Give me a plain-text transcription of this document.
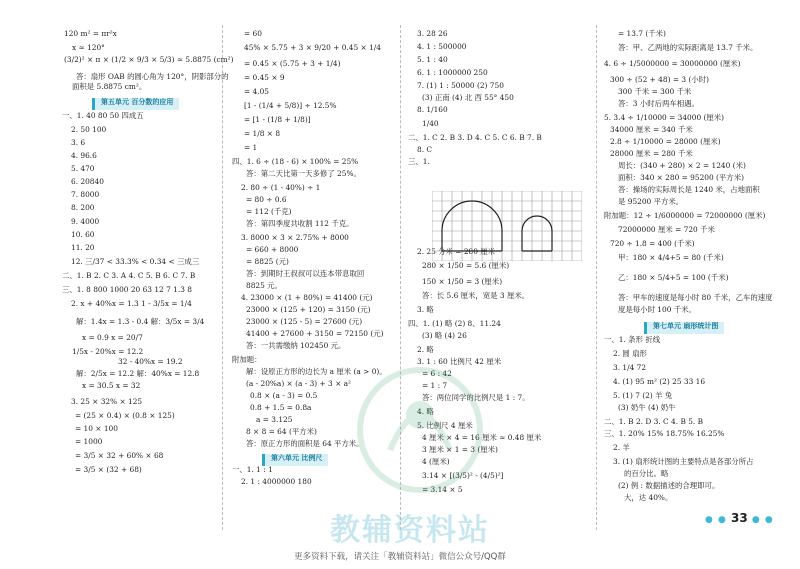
120 m² = πr²x
x ≈ 120°
(3/2)² × π × (1/2 × 9/3 × 5/3) ≈ 5.8875 (cm²)
答：扇形 OAB 的圆心角为 120°，阴影部分的
面积是 5.8875 cm²。
第五单元 百分数的应用
一、1. 40 80 50 四成五
2. 50 100
3. 6
4. 96.6
5. 470
6. 20840
7. 8000
8. 200
9. 4000
10. 60
11. 20
12. 三/37 < 33.3% < 0.34 < 三成三
二、1. B 2. C 3. A 4. C 5. B 6. C 7. B
三、1. 8 800 1000 20 63 12 7 1.3 8
2. x + 40%x = 1.3 1 - 3/5x = 1/4
解：1.4x = 1.3 - 0.4 解：3/5x = 3/4
x = 0.9 x = 20/7
1/5x - 20%x = 12.2
32 - 40%x = 19.2
解：2/5x = 12.2 解：40%x = 12.8
x = 30.5 x = 32
3. 25 × 32% × 125
= (25 × 0.4) × (0.8 × 125)
= 10 × 100
= 1000
= 3/5 × 32 + 60% × 68
= 3/5 × (32 + 68)
= 60
45% × 5.75 + 3 × 9/20 + 0.45 × 1/4
= 0.45 × (5.75 + 3 + 1/4)
= 0.45 × 9
= 4.05
[1 - (1/4 + 5/8)] ÷ 12.5%
= [1 - (1/8 + 1/8)]
= 1/8 × 8
= 1
四、1. 6 ÷ (18 - 6) × 100% = 25%
答：第二天比第一天多修了 25%。
2. 80 ÷ (1 - 40%) ÷ 1
= 80 ÷ 0.6
= 112 (千克)
答：第四季度共收割 112 千克。
3. 8000 × 3 × 2.75% + 8000
= 660 + 8000
= 8825 (元)
答：到期时王叔叔可以连本带息取回
8825 元。
4. 23000 × (1 + 80%) = 41400 (元)
23000 × (125 + 120) = 3150 (元)
23000 × (125 - 5) = 27600 (元)
41400 + 27600 + 3150 = 72150 (元)
答：一共需缴纳 102450 元。
附加题：
解：设原正方形的边长为 a 厘米 (a > 0)。
(a - 20%a) × (a - 3) + 3 × a²
0.8 × (a - 3) = 0.5
0.8 + 1.5 = 0.8a
a = 3.125
8 × 8 = 64 (平方米)
答：原正方形的面积是 64 平方米。
第六单元 比例尺
一、1. 1 : 1
2. 1 : 4000000 180
3. 28 26
4. 1 : 500000
5. 1 : 40
6. 1 : 1000000 250
7. (1) 1 : 50000 (2) 750
(3) 正南 (4) 北 西 55° 450
8. 1/160
1/40
二、1. C 2. B 3. D 4. C 5. C 6. B 7. B
8. C
三、1.
2. 25 分米 = 280 厘米
280 × 1/50 = 5.6 (厘米)
150 × 1/50 = 3 (厘米)
答：长 5.6 厘米，宽是 3 厘米。
3. 略
四、1. (1) 略 (2) 8、11.24
(3) 略 (4) 26
2. 略
3. 1 : 60 比例尺 42 厘米
= 6 : 42
= 1 : 7
答：两位同学的比例尺是 1 : 7。
4. 略
5. 比例尺 4 厘米
4 厘米 × 4 = 16 厘米 ≈ 0.48 厘米
3 厘米 × 1 = 3 (厘米)
4 (厘米)
3.14 × [(3/5)² - (4/5)²]
= 3.14 × 5
= 13.7 (千米)
答：甲、乙两地的实际距离是 13.7 千米。
4. 6 ÷ 1/5000000 = 30000000 (厘米)
300 ÷ (52 + 48) = 3 (小时)
300 千米 = 300 千米
答：3 小时后两车相遇。
5. 3.4 ÷ 1/10000 = 34000 (厘米)
34000 厘米 = 340 千米
2.8 ÷ 1/10000 = 28000 (厘米)
28000 厘米 = 280 千米
周长：(340 + 280) × 2 = 1240 (米)
面积：340 × 280 = 95200 (平方米)
答：操场的实际周长是 1240 米，占地面积
是 95200 平方米。
附加题：12 ÷ 1/6000000 = 72000000 (厘米)
72000000 厘米 = 720 千米
720 ÷ 1.8 = 400 (千米)
甲：180 × 4/4+5 = 80 (千米)
乙：180 × 5/4+5 = 100 (千米)
答：甲车的速度是每小时 80 千米，乙车的速度
度是每小时 100 千米。
第七单元 扇形统计图
一、1. 条形 折线
2. 圆 扇形
3. 1/4 72
4. (1) 95 m² (2) 25 33 16
5. (1) 7 (2) 羊 兔
(3) 奶牛 (4) 奶牛
二、1. B 2. D 3. C 4. B 5. B
三、1. 20% 15% 18.75% 16.25%
2. 羊
3. (1) 扇形统计图的主要特点是各部分所占
的百分比。略
(2) 例 : 数据描述的合理即可。
大，达 40%。
教辅资料站	● ● 33 ● ●
更多资料下载，请关注「教辅资料站」微信公众号/QQ群
